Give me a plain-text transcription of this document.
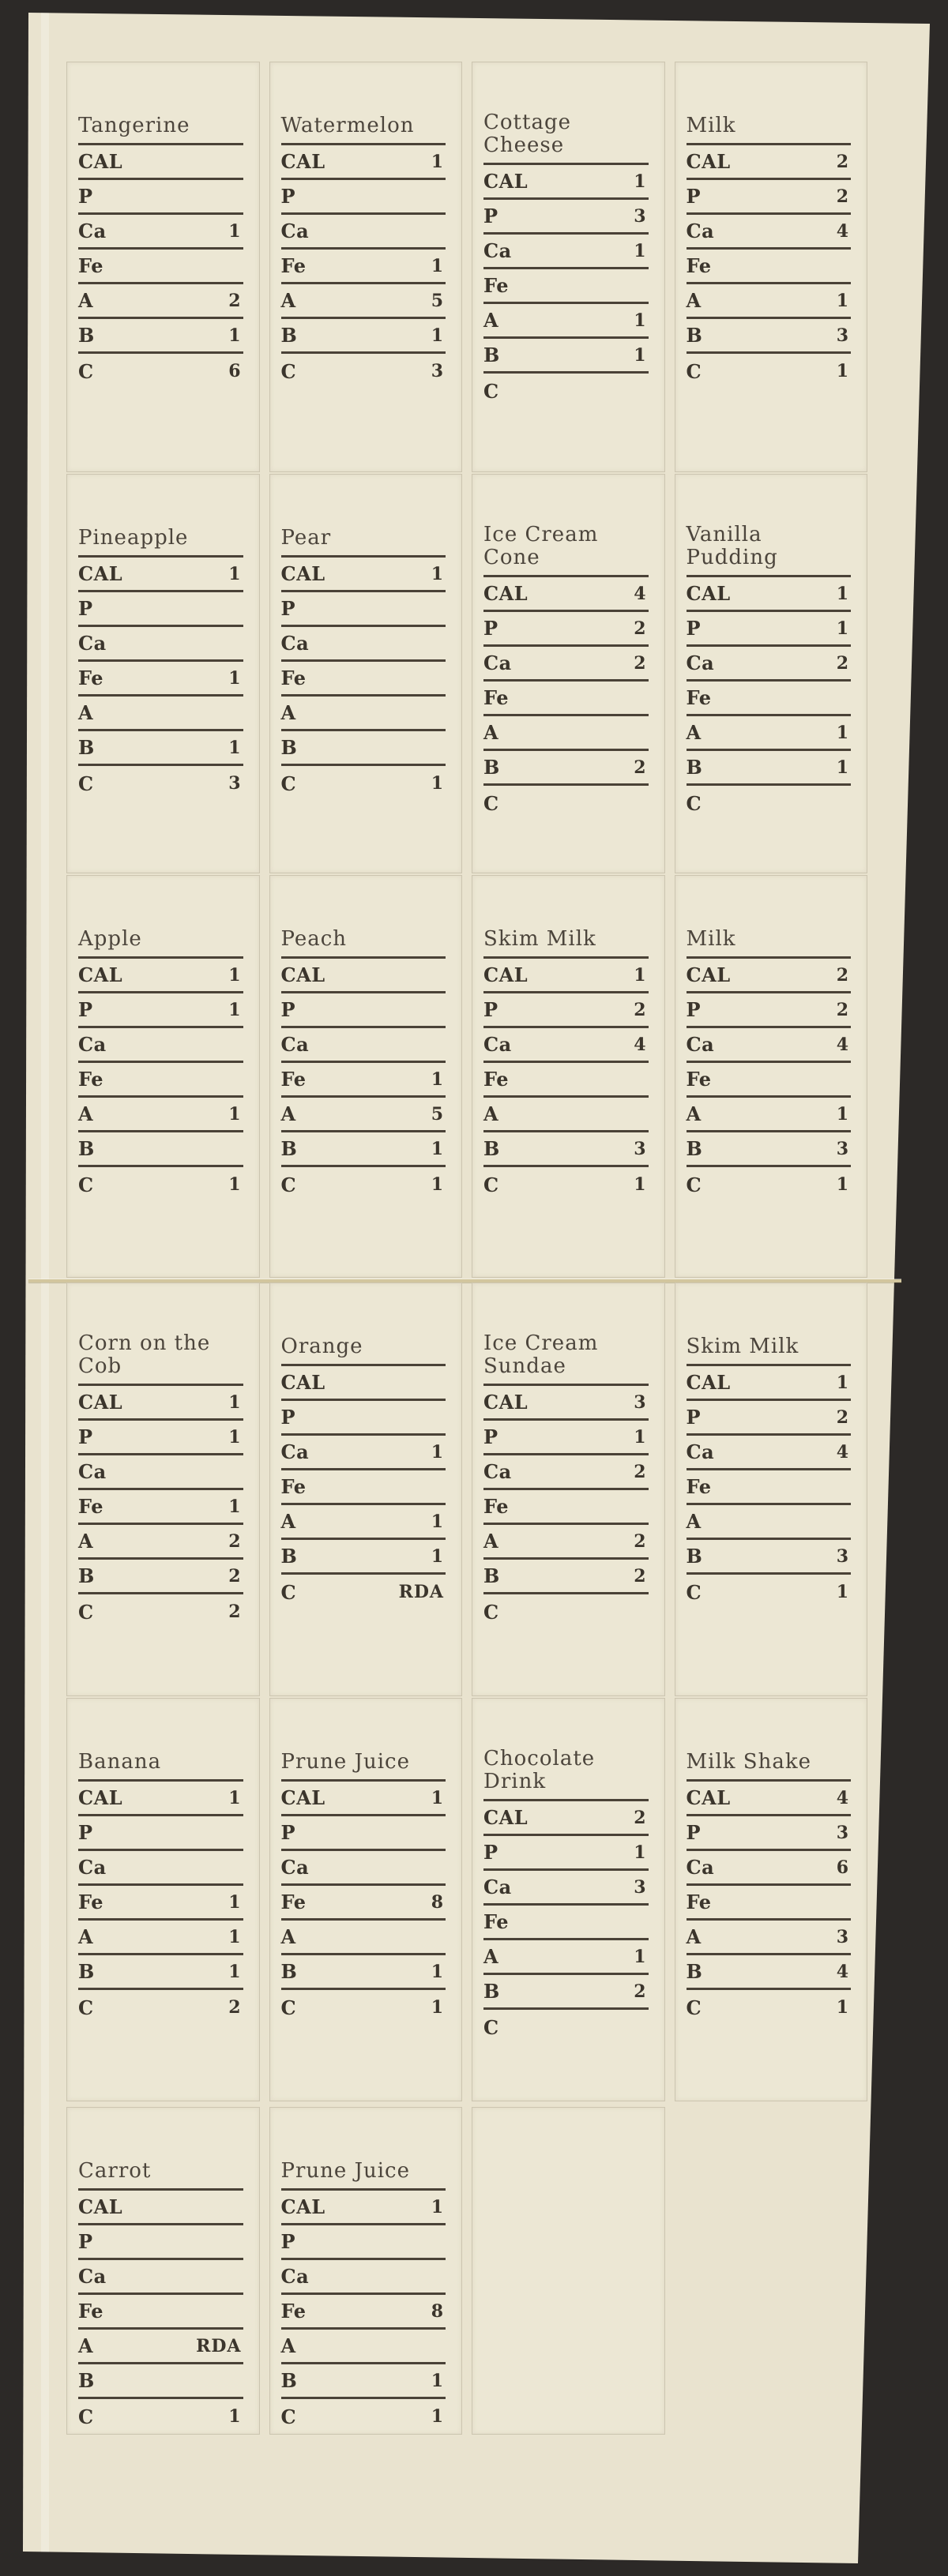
Tangerine
CAL
P
Ca	1
Fe
A	2
B	1
C	6
Watermelon
CAL	1
P
Ca
Fe	1
A	5
B	1
C	3
Cottage Cheese
CAL	1
P	3
Ca	1
Fe
A	1
B	1
C
Milk
CAL	2
P	2
Ca	4
Fe
A	1
B	3
C	1
Pineapple
CAL	1
P
Ca
Fe	1
A
B	1
C	3
Pear
CAL	1
P
Ca
Fe
A
B
C	1
Ice Cream Cone
CAL	4
P	2
Ca	2
Fe
A
B	2
C
Vanilla Pudding
CAL	1
P	1
Ca	2
Fe
A	1
B	1
C
Apple
CAL	1
P	1
Ca
Fe
A	1
B
C	1
Peach
CAL
P
Ca
Fe	1
A	5
B	1
C	1
Skim Milk
CAL	1
P	2
Ca	4
Fe
A
B	3
C	1
Milk
CAL	2
P	2
Ca	4
Fe
A	1
B	3
C	1
Corn on the Cob
CAL	1
P	1
Ca
Fe	1
A	2
B	2
C	2
Orange
CAL
P
Ca	1
Fe
A	1
B	1
C	RDA
Ice Cream Sundae
CAL	3
P	1
Ca	2
Fe
A	2
B	2
C
Skim Milk
CAL	1
P	2
Ca	4
Fe
A
B	3
C	1
Banana
CAL	1
P
Ca
Fe	1
A	1
B	1
C	2
Prune Juice
CAL	1
P
Ca
Fe	8
A
B	1
C	1
Chocolate Drink
CAL	2
P	1
Ca	3
Fe
A	1
B	2
C
Milk Shake
CAL	4
P	3
Ca	6
Fe
A	3
B	4
C	1
Carrot
CAL
P
Ca
Fe
A	RDA
B
C	1
Prune Juice
CAL	1
P
Ca
Fe	8
A
B	1
C	1
